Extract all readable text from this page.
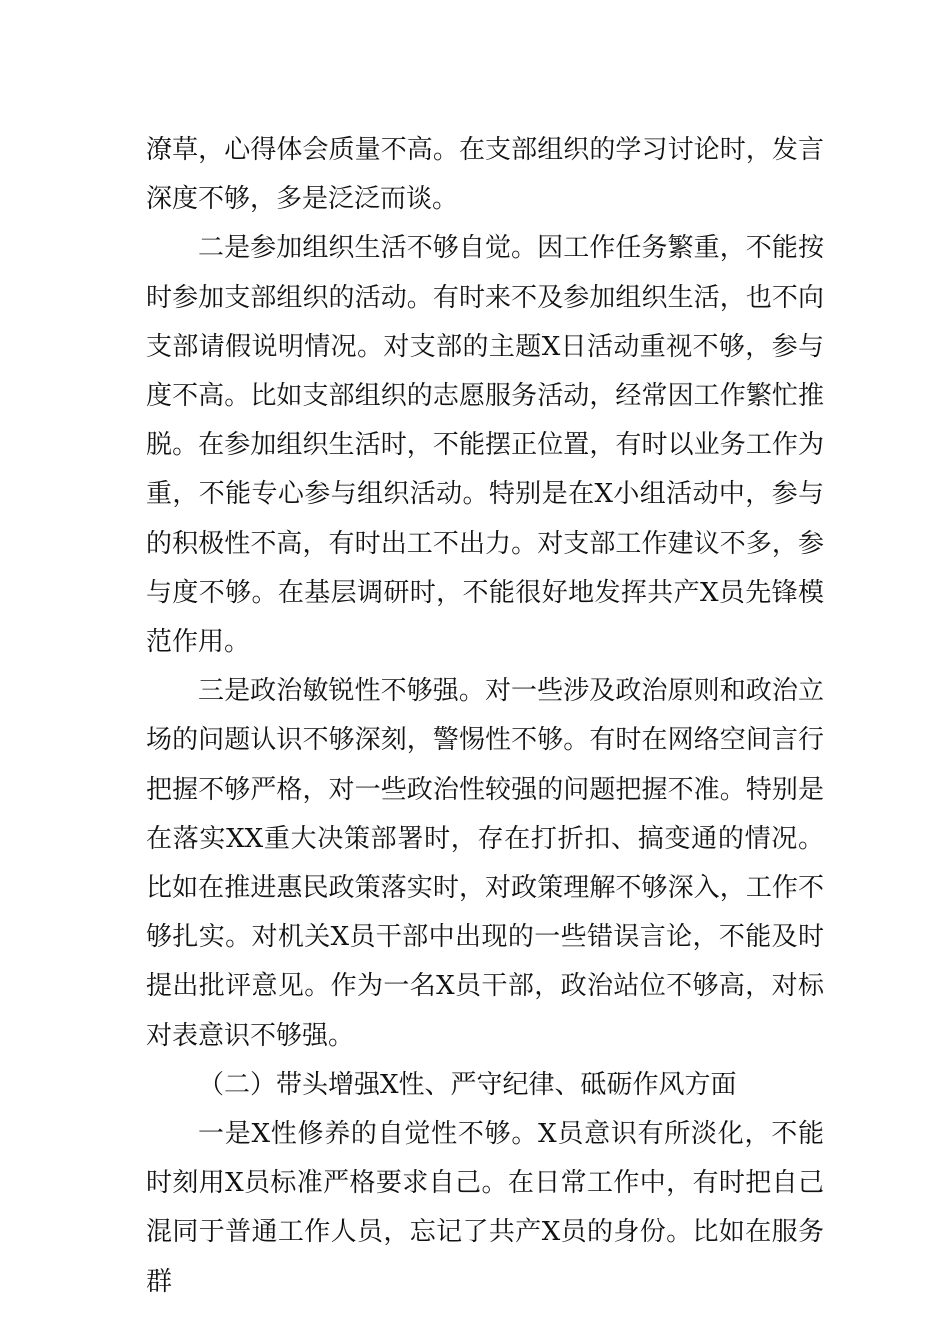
潦草，心得体会质量不高。在支部组织的学习讨论时，发言深度不够，多是泛泛而谈。

二是参加组织生活不够自觉。因工作任务繁重，不能按时参加支部组织的活动。有时来不及参加组织生活，也不向支部请假说明情况。对支部的主题X日活动重视不够，参与度不高。比如支部组织的志愿服务活动，经常因工作繁忙推脱。在参加组织生活时，不能摆正位置，有时以业务工作为重，不能专心参与组织活动。特别是在X小组活动中，参与的积极性不高，有时出工不出力。对支部工作建议不多，参与度不够。在基层调研时，不能很好地发挥共产X员先锋模范作用。

三是政治敏锐性不够强。对一些涉及政治原则和政治立场的问题认识不够深刻，警惕性不够。有时在网络空间言行把握不够严格，对一些政治性较强的问题把握不准。特别是在落实XX重大决策部署时，存在打折扣、搞变通的情况。比如在推进惠民政策落实时，对政策理解不够深入，工作不够扎实。对机关X员干部中出现的一些错误言论，不能及时提出批评意见。作为一名X员干部，政治站位不够高，对标对表意识不够强。

（二）带头增强X性、严守纪律、砥砺作风方面

一是X性修养的自觉性不够。X员意识有所淡化，不能时刻用X员标准严格要求自己。在日常工作中，有时把自己混同于普通工作人员，忘记了共产X员的身份。比如在服务群
